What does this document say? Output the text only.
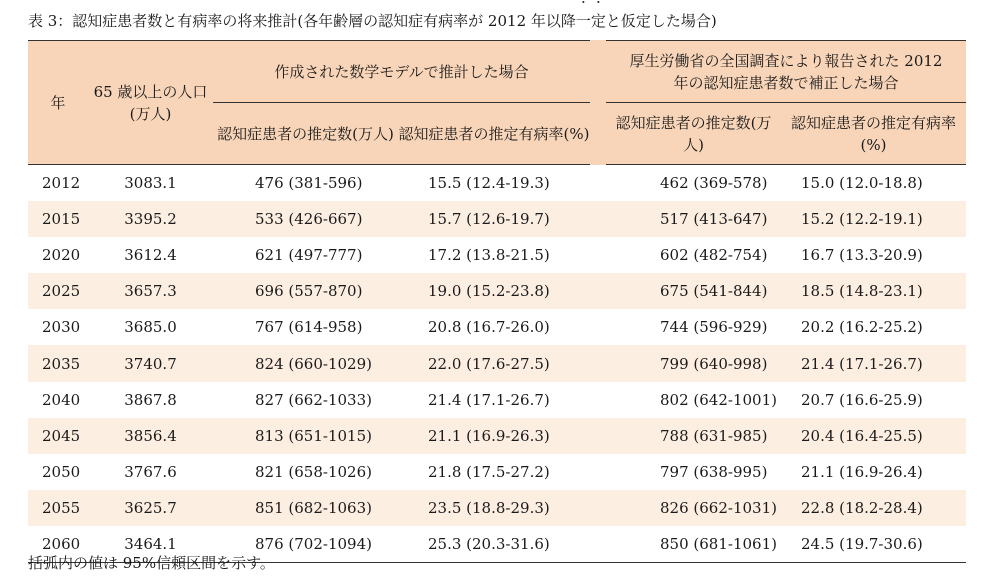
表 3：認知症患者数と有病率の将来推計(各年齢層の認知症有病率が 2012 年以降・ 一・ 定と仮定した場合)
年	65 歳以上の人口(万人)	作成された数学モデルで推計した場合		厚生労働省の全国調査により報告された 2012 年の認知症患者数で補正した場合	
		認知症患者の推定数(万人)	認知症患者の推定有病率(%)	認知症患者の推定数(万人)	認知症患者の推定有病率(%)
2012	3083.1	476 (381-596)	15.5 (12.4-19.3)	462 (369-578)	15.0 (12.0-18.8)
2015	3395.2	533 (426-667)	15.7 (12.6-19.7)	517 (413-647)	15.2 (12.2-19.1)
2020	3612.4	621 (497-777)	17.2 (13.8-21.5)	602 (482-754)	16.7 (13.3-20.9)
2025	3657.3	696 (557-870)	19.0 (15.2-23.8)	675 (541-844)	18.5 (14.8-23.1)
2030	3685.0	767 (614-958)	20.8 (16.7-26.0)	744 (596-929)	20.2 (16.2-25.2)
2035	3740.7	824 (660-1029)	22.0 (17.6-27.5)	799 (640-998)	21.4 (17.1-26.7)
2040	3867.8	827 (662-1033)	21.4 (17.1-26.7)	802 (642-1001)	20.7 (16.6-25.9)
2045	3856.4	813 (651-1015)	21.1 (16.9-26.3)	788 (631-985)	20.4 (16.4-25.5)
2050	3767.6	821 (658-1026)	21.8 (17.5-27.2)	797 (638-995)	21.1 (16.9-26.4)
2055	3625.7	851 (682-1063)	23.5 (18.8-29.3)	826 (662-1031)	22.8 (18.2-28.4)
2060	3464.1	876 (702-1094)	25.3 (20.3-31.6)	850 (681-1061)	24.5 (19.7-30.6)
括弧内の値は 95%信頼区間を示す。
